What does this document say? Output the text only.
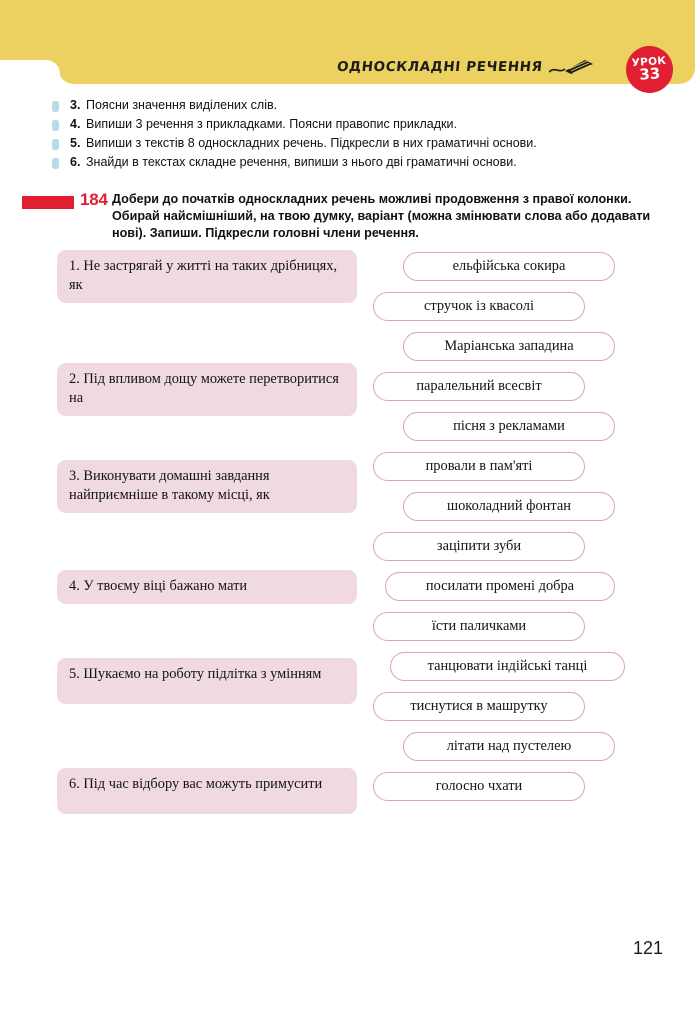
ОДНОСКЛАДНІ РЕЧЕННЯ	УРОК
33
3. Поясни значення виділених слів.
4. Випиши 3 речення з прикладками. Поясни правопис прикладки.
5. Випиши з текстів 8 односкладних речень. Підкресли в них граматичні основи.
6. Знайди в текстах складне речення, випиши з нього дві граматичні основи.
184 Добери до початків односкладних речень можливі продовження з правої колонки. Обирай найсмішніший, на твою думку, варіант (можна змінювати слова або додавати нові). Запиши. Підкресли головні члени речення.
1. Не застрягай у житті на таких дрібницях, як
2. Під впливом дощу можете перетворитися на
3. Виконувати домашні завдання найприємніше в такому місці, як
4. У твоєму віці бажано мати
5. Шукаємо на роботу підлітка з умінням
6. Під час відбору вас можуть примусити
ельфійська сокира
стручок із квасолі
Маріанська западина
паралельний всесвіт
пісня з рекламами
провали в пам'яті
шоколадний фонтан
заціпити зуби
посилати промені добра
їсти паличками
танцювати індійські танці
тиснутися в машрутку
літати над пустелею
голосно чхати
121
